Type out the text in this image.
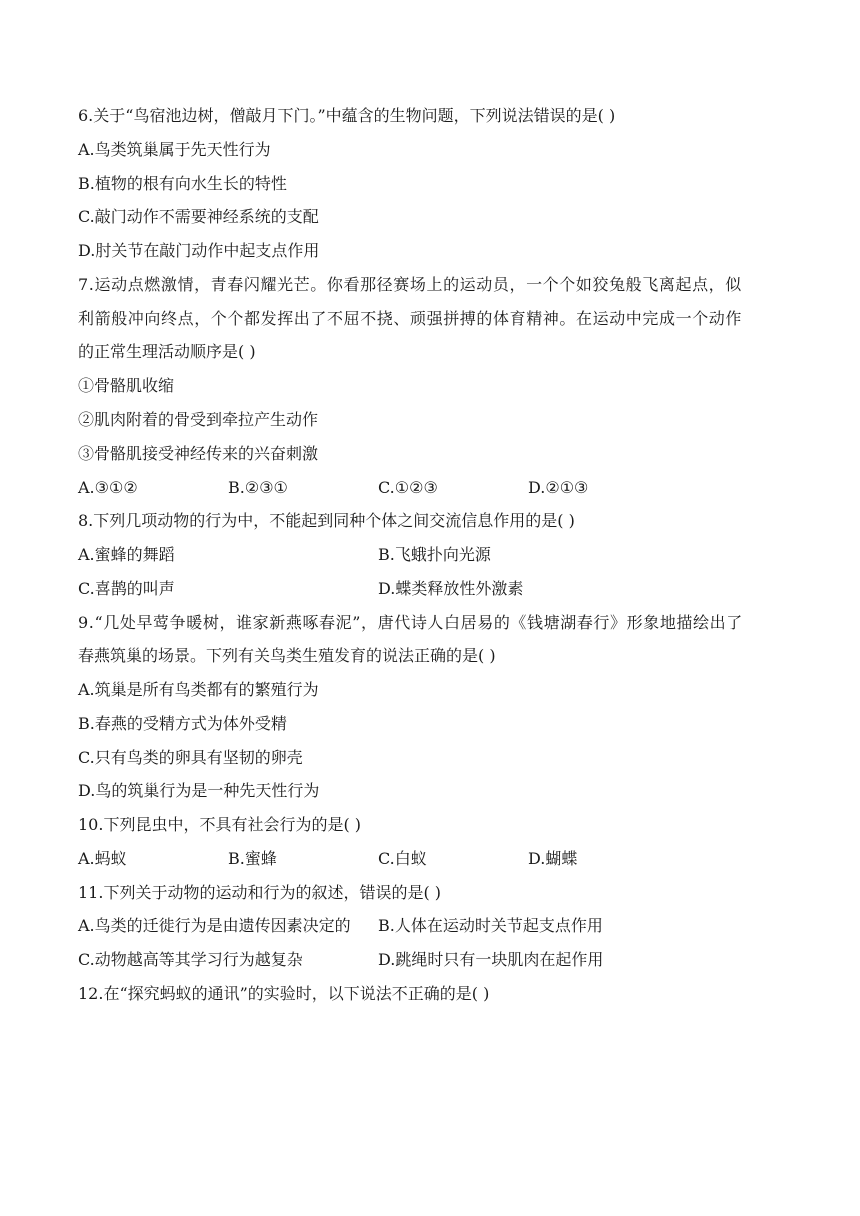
6.关于“鸟宿池边树，僧敲月下门。”中蕴含的生物问题，下列说法错误的是( )
A.鸟类筑巢属于先天性行为
B.植物的根有向水生长的特性
C.敲门动作不需要神经系统的支配
D.肘关节在敲门动作中起支点作用
7.运动点燃激情，青春闪耀光芒。你看那径赛场上的运动员，一个个如狡兔般飞离起点，似
利箭般冲向终点，个个都发挥出了不屈不挠、顽强拼搏的体育精神。在运动中完成一个动作
的正常生理活动顺序是( )
①骨骼肌收缩
②肌肉附着的骨受到牵拉产生动作
③骨骼肌接受神经传来的兴奋刺激
A.③①②	B.②③①	C.①②③	D.②①③
8.下列几项动物的行为中，不能起到同种个体之间交流信息作用的是( )
A.蜜蜂的舞蹈	B.飞蛾扑向光源
C.喜鹊的叫声	D.蝶类释放性外激素
9.“几处早莺争暖树，谁家新燕啄春泥”，唐代诗人白居易的《钱塘湖春行》形象地描绘出了
春燕筑巢的场景。下列有关鸟类生殖发育的说法正确的是( )
A.筑巢是所有鸟类都有的繁殖行为
B.春燕的受精方式为体外受精
C.只有鸟类的卵具有坚韧的卵壳
D.鸟的筑巢行为是一种先天性行为
10.下列昆虫中，不具有社会行为的是( )
A.蚂蚁	B.蜜蜂	C.白蚁	D.蝴蝶
11.下列关于动物的运动和行为的叙述，错误的是( )
A.鸟类的迁徙行为是由遗传因素决定的 B.人体在运动时关节起支点作用
C.动物越高等其学习行为越复杂	D.跳绳时只有一块肌肉在起作用
12.在“探究蚂蚁的通讯”的实验时，以下说法不正确的是( )
